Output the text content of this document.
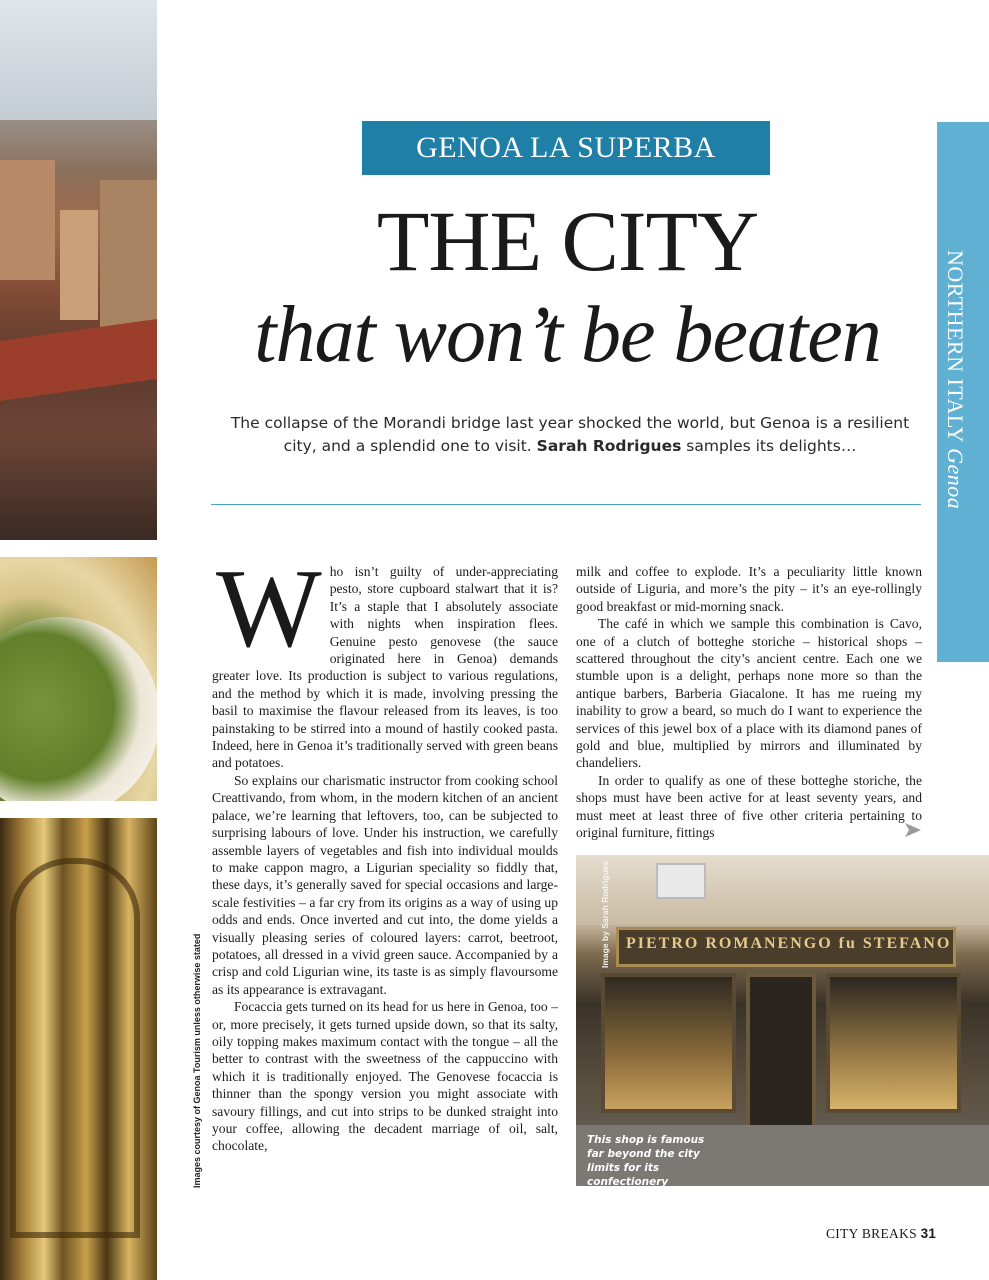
Images courtesy of Genoa Tourism unless otherwise stated
GENOA LA SUPERBA
THE CITY
that won’t be beaten
The collapse of the Morandi bridge last year shocked the world, but Genoa is a resilient city, and a splendid one to visit. Sarah Rodrigues samples its delights…
NORTHERN ITALY Genoa
W ho isn’t guilty of under-appreciating pesto, store cupboard stalwart that it is? It’s a staple that I absolutely associate with nights when inspiration flees. Genuine pesto genovese (the sauce originated here in Genoa) demands greater love. Its production is subject to various regulations, and the method by which it is made, involving pressing the basil to maximise the flavour released from its leaves, is too painstaking to be stirred into a mound of hastily cooked pasta. Indeed, here in Genoa it’s traditionally served with green beans and potatoes.

So explains our charismatic instructor from cooking school Creattivando, from whom, in the modern kitchen of an ancient palace, we’re learning that leftovers, too, can be subjected to surprising labours of love. Under his instruction, we carefully assemble layers of vegetables and fish into individual moulds to make cappon magro, a Ligurian speciality so fiddly that, these days, it’s generally saved for special occasions and large-scale festivities – a far cry from its origins as a way of using up odds and ends. Once inverted and cut into, the dome yields a visually pleasing series of coloured layers: carrot, beetroot, potatoes, all dressed in a vivid green sauce. Accompanied by a crisp and cold Ligurian wine, its taste is as simply flavoursome as its appearance is extravagant.

Focaccia gets turned on its head for us here in Genoa, too – or, more precisely, it gets turned upside down, so that its salty, oily topping makes maximum contact with the tongue – all the better to contrast with the sweetness of the cappuccino with which it is traditionally enjoyed. The Genovese focaccia is thinner than the spongy version you might associate with savoury fillings, and cut into strips to be dunked straight into your coffee, allowing the decadent marriage of oil, salt, chocolate,

milk and coffee to explode. It’s a peculiarity little known outside of Liguria, and more’s the pity – it’s an eye-rollingly good breakfast or mid-morning snack.

The café in which we sample this combination is Cavo, one of a clutch of botteghe storiche – historical shops – scattered throughout the city’s ancient centre. Each one we stumble upon is a delight, perhaps none more so than the antique barbers, Barberia Giacalone. It has me rueing my inability to grow a beard, so much do I want to experience the services of this jewel box of a place with its diamond panes of gold and blue, multiplied by mirrors and illuminated by chandeliers.

In order to qualify as one of these botteghe storiche, the shops must have been active for at least seventy years, and must meet at least three of five other criteria pertaining to original furniture, fittings

PIETRO ROMANENGO fu STEFANO
Image by Sarah Rodrigues
This shop is famous far beyond the city limits for its confectionery
CITY BREAKS 31
